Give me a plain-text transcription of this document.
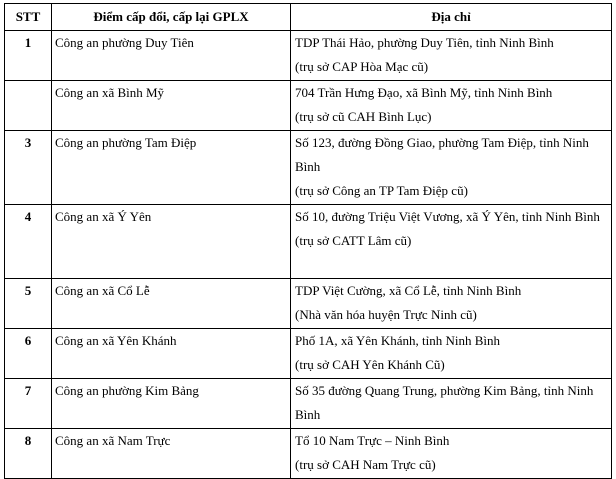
STT	Điểm cấp đổi, cấp lại GPLX	Địa chỉ
1	Công an phường Duy Tiên	TDP Thái Hảo, phường Duy Tiên, tỉnh Ninh Bình
(trụ sở CAP Hòa Mạc cũ)

	Công an xã Bình Mỹ	704 Trần Hưng Đạo, xã Bình Mỹ, tỉnh Ninh Bình
(trụ sở cũ CAH Bình Lục)

3	Công an phường Tam Điệp	Số 123, đường Đồng Giao, phường Tam Điệp, tỉnh Ninh Bình
(trụ sở Công an TP Tam Điệp cũ)

4	Công an xã Ý Yên	Số 10, đường Triệu Việt Vương, xã Ý Yên, tỉnh Ninh Bình
(trụ sở CATT Lâm cũ)

5	Công an xã Cổ Lễ	TDP Việt Cường, xã Cổ Lễ, tỉnh Ninh Bình
(Nhà văn hóa huyện Trực Ninh cũ)

6	Công an xã Yên Khánh	Phố 1A, xã Yên Khánh, tỉnh Ninh Bình
(trụ sở CAH Yên Khánh Cũ)

7	Công an phường Kim Bảng	Số 35 đường Quang Trung, phường Kim Bảng, tỉnh Ninh Bình

8	Công an xã Nam Trực	Tổ 10 Nam Trực – Ninh Bình
(trụ sở CAH Nam Trực cũ)
